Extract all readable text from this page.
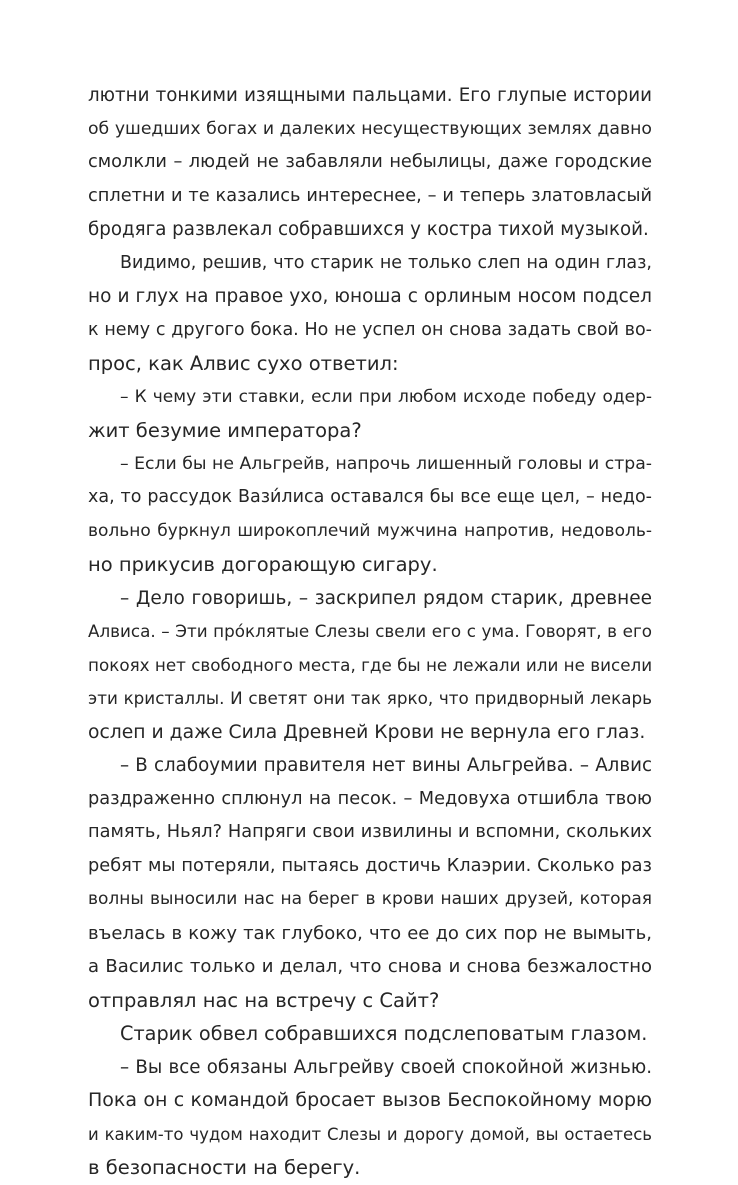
лютни тонкими изящными пальцами. Его глупые истории
об ушедших богах и далеких несуществующих землях давно
смолкли – людей не забавляли небылицы, даже городские
сплетни и те казались интереснее, – и теперь златовласый
бродяга развлекал собравшихся у костра тихой музыкой.
Видимо, решив, что старик не только слеп на один глаз,
но и глух на правое ухо, юноша с орлиным носом подсел
к нему с другого бока. Но не успел он снова задать свой во-
прос, как Алвис сухо ответил:
– К чему эти ставки, если при любом исходе победу одер-
жит безумие императора?
– Если бы не Альгрейв, напрочь лишенный головы и стра-
ха, то рассудок Вази́лиса оставался бы все еще цел, – недо-
вольно буркнул широкоплечий мужчина напротив, недоволь-
но прикусив догорающую сигару.
– Дело говоришь, – заскрипел рядом старик, древнее
Алвиса. – Эти про́клятые Слезы свели его с ума. Говорят, в его
покоях нет свободного места, где бы не лежали или не висели
эти кристаллы. И светят они так ярко, что придворный лекарь
ослеп и даже Сила Древней Крови не вернула его глаз.
– В слабоумии правителя нет вины Альгрейва. – Алвис
раздраженно сплюнул на песок. – Медовуха отшибла твою
память, Ньял? Напряги свои извилины и вспомни, скольких
ребят мы потеряли, пытаясь достичь Клаэрии. Сколько раз
волны выносили нас на берег в крови наших друзей, которая
въелась в кожу так глубоко, что ее до сих пор не вымыть,
а Василис только и делал, что снова и снова безжалостно
отправлял нас на встречу с Сайт?
Старик обвел собравшихся подслеповатым глазом.
– Вы все обязаны Альгрейву своей спокойной жизнью.
Пока он с командой бросает вызов Беспокойному морю
и каким-то чудом находит Слезы и дорогу домой, вы остаетесь
в безопасности на берегу.
